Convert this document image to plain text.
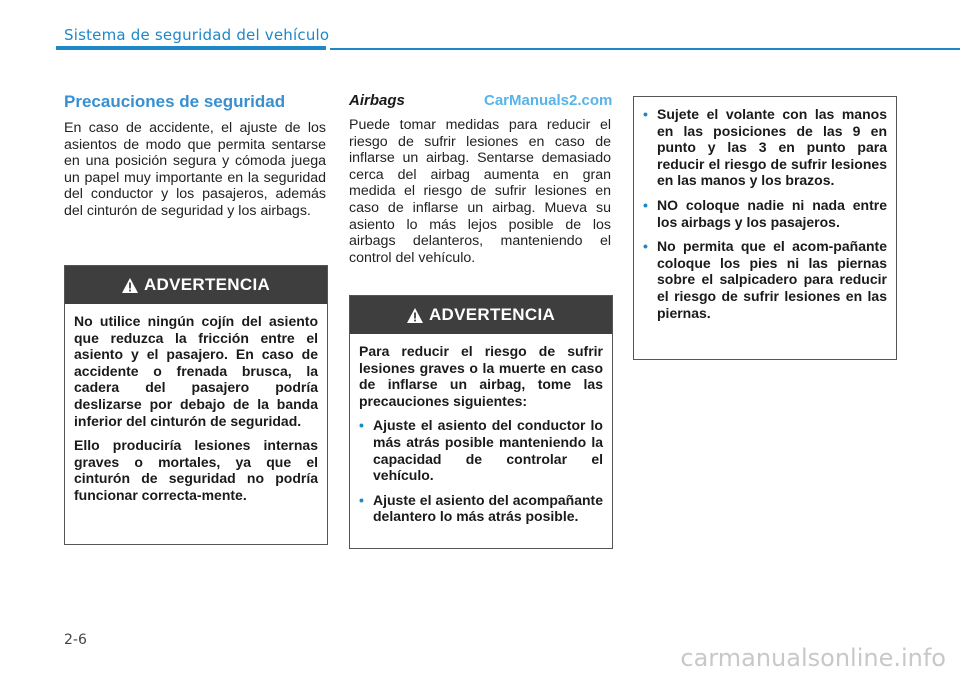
Sistema de seguridad del vehículo
CarManuals2.com
Precauciones de seguridad

En caso de accidente, el ajuste de los asientos de modo que permita sentarse en una posición segura y cómoda juega un papel muy importante en la seguridad del conductor y los pasajeros, además del cinturón de seguridad y los airbags.

ADVERTENCIA

No utilice ningún cojín del asiento que reduzca la fricción entre el asiento y el pasajero. En caso de accidente o frenada brusca, la cadera del pasajero podría deslizarse por debajo de la banda inferior del cinturón de seguridad.

Ello produciría lesiones internas graves o mortales, ya que el cinturón de seguridad no podría funcionar correcta-mente.

Airbags

Puede tomar medidas para reducir el riesgo de sufrir lesiones en caso de inflarse un airbag. Sentarse demasiado cerca del airbag aumenta en gran medida el riesgo de sufrir lesiones en caso de inflarse un airbag. Mueva su asiento lo más lejos posible de los airbags delanteros, manteniendo el control del vehículo.

ADVERTENCIA

Para reducir el riesgo de sufrir lesiones graves o la muerte en caso de inflarse un airbag, tome las precauciones siguientes:

• Ajuste el asiento del conductor lo más atrás posible manteniendo la capacidad de controlar el vehículo.
• Ajuste el asiento del acompañante delantero lo más atrás posible.
• Sujete el volante con las manos en las posiciones de las 9 en punto y las 3 en punto para reducir el riesgo de sufrir lesiones en las manos y los brazos.
• NO coloque nadie ni nada entre los airbags y los pasajeros.
• No permita que el acom-pañante coloque los pies ni las piernas sobre el salpicadero para reducir el riesgo de sufrir lesiones en las piernas.
2-6
carmanualsonline.info
